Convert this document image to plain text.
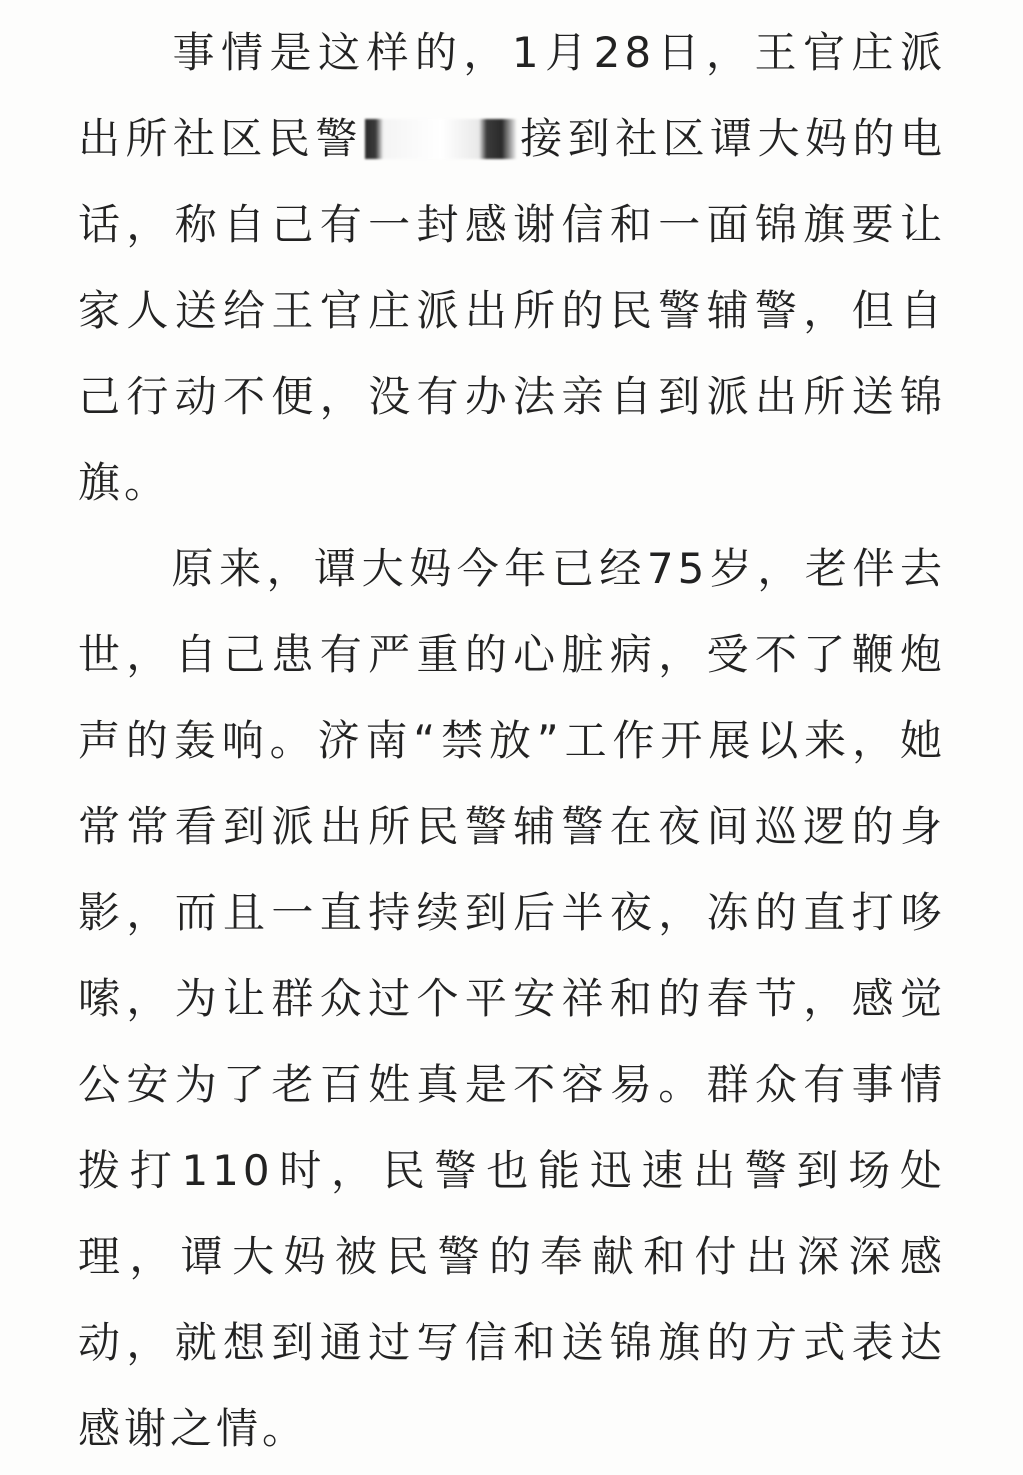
事情是这样的，1月28日，王官庄派出所社区民警	接到社区谭大妈的电话，称自己有一封感谢信和一面锦旗要让家人送给王官庄派出所的民警辅警，但自己行动不便，没有办法亲自到派出所送锦旗。

原来，谭大妈今年已经75岁，老伴去世，自己患有严重的心脏病，受不了鞭炮声的轰响。济南“禁放”工作开展以来，她常常看到派出所民警辅警在夜间巡逻的身影，而且一直持续到后半夜，冻的直打哆嗦，为让群众过个平安祥和的春节，感觉公安为了老百姓真是不容易。群众有事情拨打110时，民警也能迅速出警到场处理，谭大妈被民警的奉献和付出深深感动，就想到通过写信和送锦旗的方式表达感谢之情。
